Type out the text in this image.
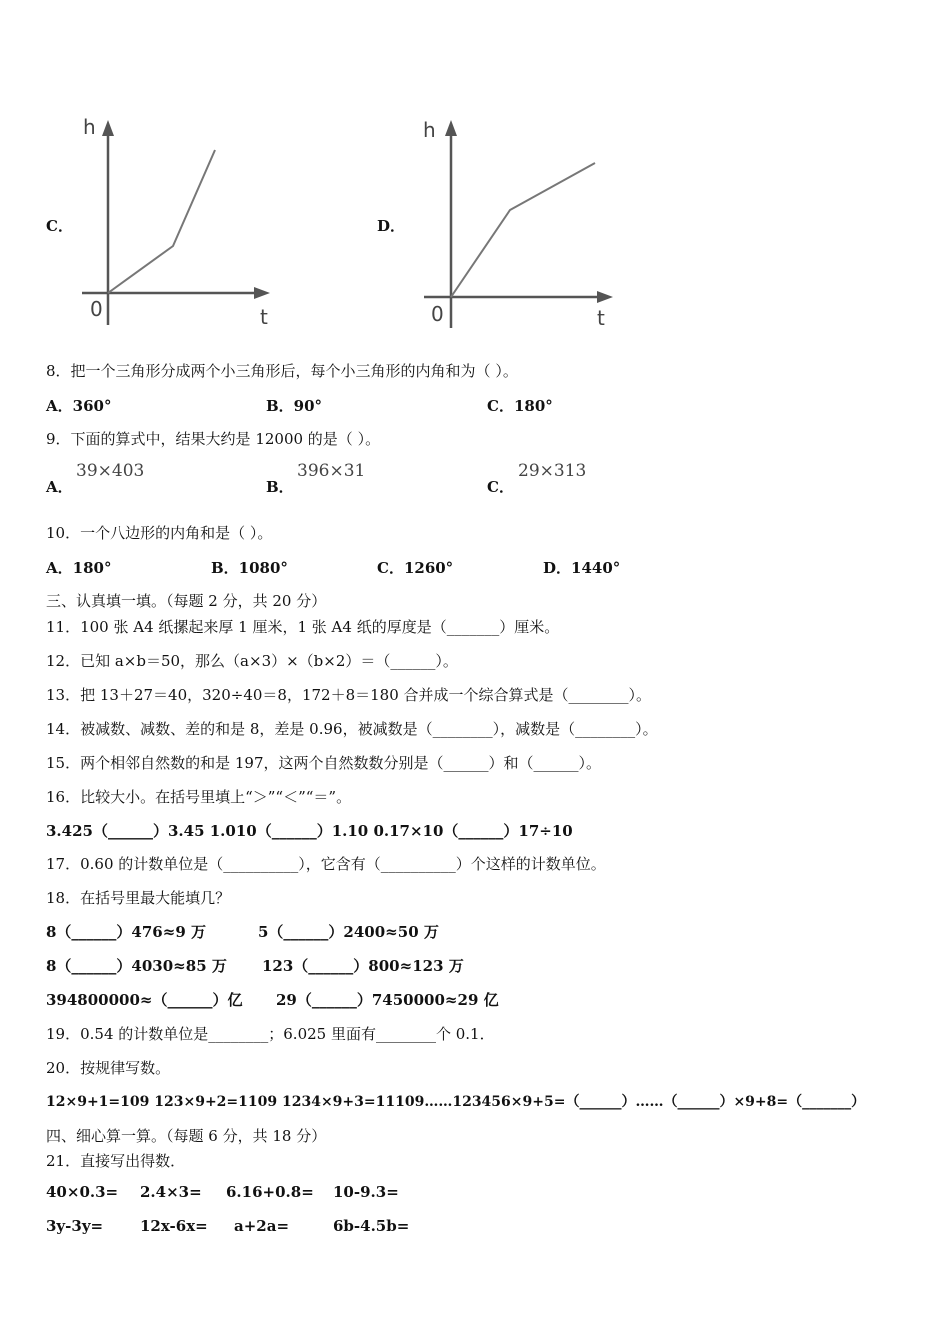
C．
h
t
0
D．
h
t
0
8．把一个三角形分成两个小三角形后，每个小三角形的内角和为（ ）。
A．360°	B．90°	C．180°
9．下面的算式中，结果大约是 12000 的是（ ）。
A．
39×403
B．
396×31
C．
29×313
10．一个八边形的内角和是（ ）。
A．180°	B．1080°	C．1260°	D．1440°
三、认真填一填。（每题 2 分，共 20 分）
11．100 张 A4 纸摞起来厚 1 厘米，1 张 A4 纸的厚度是（_______）厘米。
12．已知 a×b＝50，那么（a×3）×（b×2）＝（______）。
13．把 13＋27＝40，320÷40＝8，172＋8＝180 合并成一个综合算式是（________）。
14．被减数、减数、差的和是 8，差是 0.96，被减数是（________），减数是（________）。
15．两个相邻自然数的和是 197，这两个自然数数分别是（______）和（______）。
16．比较大小。在括号里填上“＞”“＜”“＝”。
3.425（______）3.45 1.010（______）1.10 0.17×10（______）17÷10
17．0.60 的计数单位是（__________），它含有（__________）个这样的计数单位。
18．在括号里最大能填几？
8（______）476≈9 万	5（______）2400≈50 万
8（______）4030≈85 万 123（______）800≈123 万
394800000≈（______）亿 29（______）7450000≈29 亿
19．0.54 的计数单位是________；6.025 里面有________个 0.1．
20．按规律写数。
12×9+1=109 123×9+2=1109 1234×9+3=11109……123456×9+5=（______）……（______）×9+8=（_______）
四、细心算一算。（每题 6 分，共 18 分）
21．直接写出得数．
40×0.3= 2.4×3= 6.16+0.8= 10-9.3=
3y-3y= 12x-6x= a+2a=	6b-4.5b=
